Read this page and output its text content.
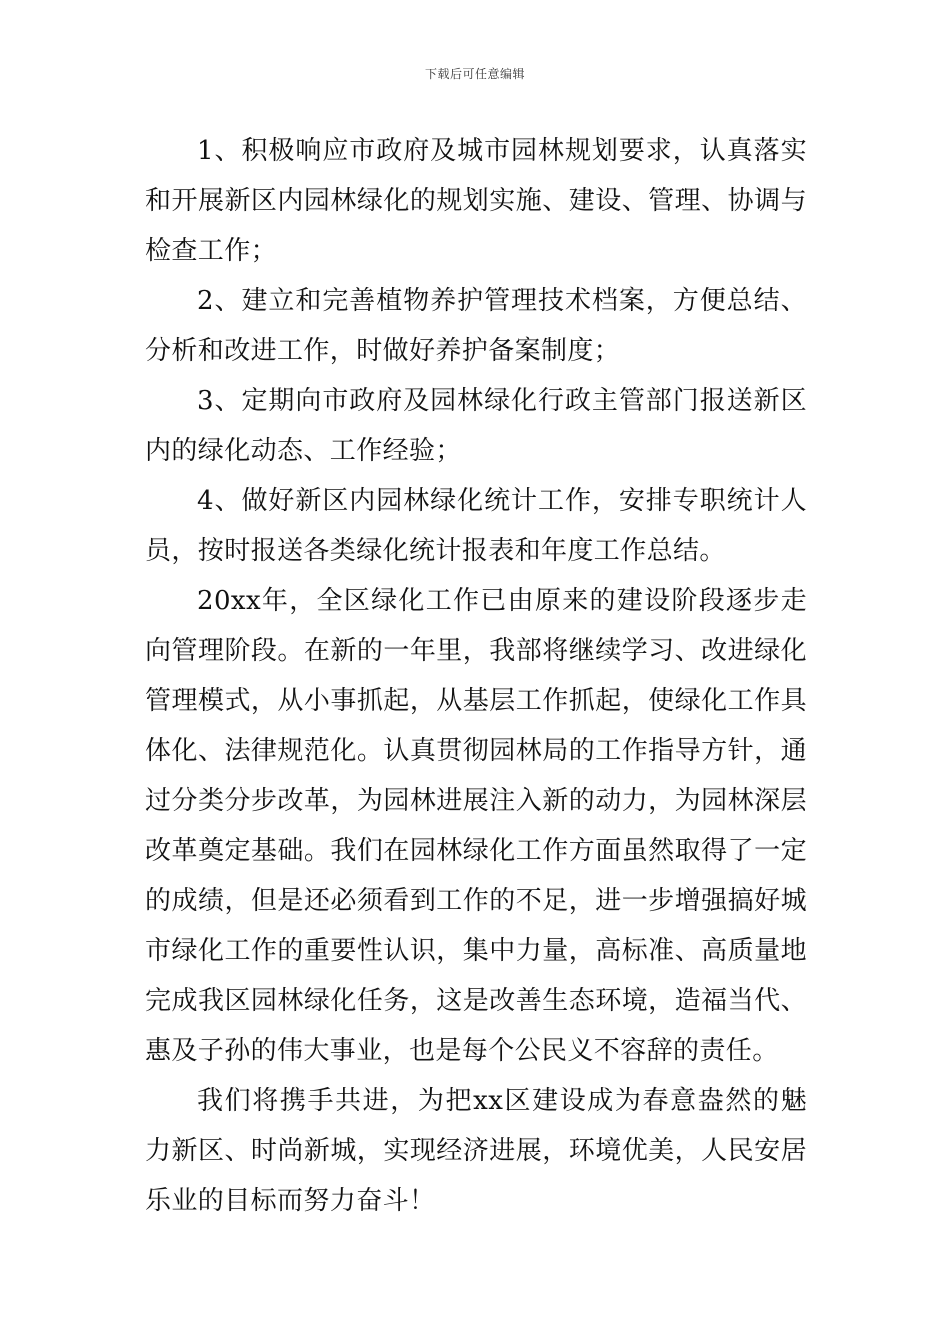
下载后可任意编辑

1、积极响应市政府及城市园林规划要求，认真落实和开展新区内园林绿化的规划实施、建设、管理、协调与检查工作；

2、建立和完善植物养护管理技术档案，方便总结、分析和改进工作，时做好养护备案制度；

3、定期向市政府及园林绿化行政主管部门报送新区内的绿化动态、工作经验；

4、做好新区内园林绿化统计工作，安排专职统计人员，按时报送各类绿化统计报表和年度工作总结。

20xx年，全区绿化工作已由原来的建设阶段逐步走向管理阶段。在新的一年里，我部将继续学习、改进绿化管理模式，从小事抓起，从基层工作抓起，使绿化工作具体化、法律规范化。认真贯彻园林局的工作指导方针，通过分类分步改革，为园林进展注入新的动力，为园林深层改革奠定基础。我们在园林绿化工作方面虽然取得了一定的成绩，但是还必须看到工作的不足，进一步增强搞好城市绿化工作的重要性认识，集中力量，高标准、高质量地完成我区园林绿化任务，这是改善生态环境，造福当代、惠及子孙的伟大事业，也是每个公民义不容辞的责任。

我们将携手共进，为把xx区建设成为春意盎然的魅力新区、时尚新城，实现经济进展，环境优美，人民安居乐业的目标而努力奋斗！
